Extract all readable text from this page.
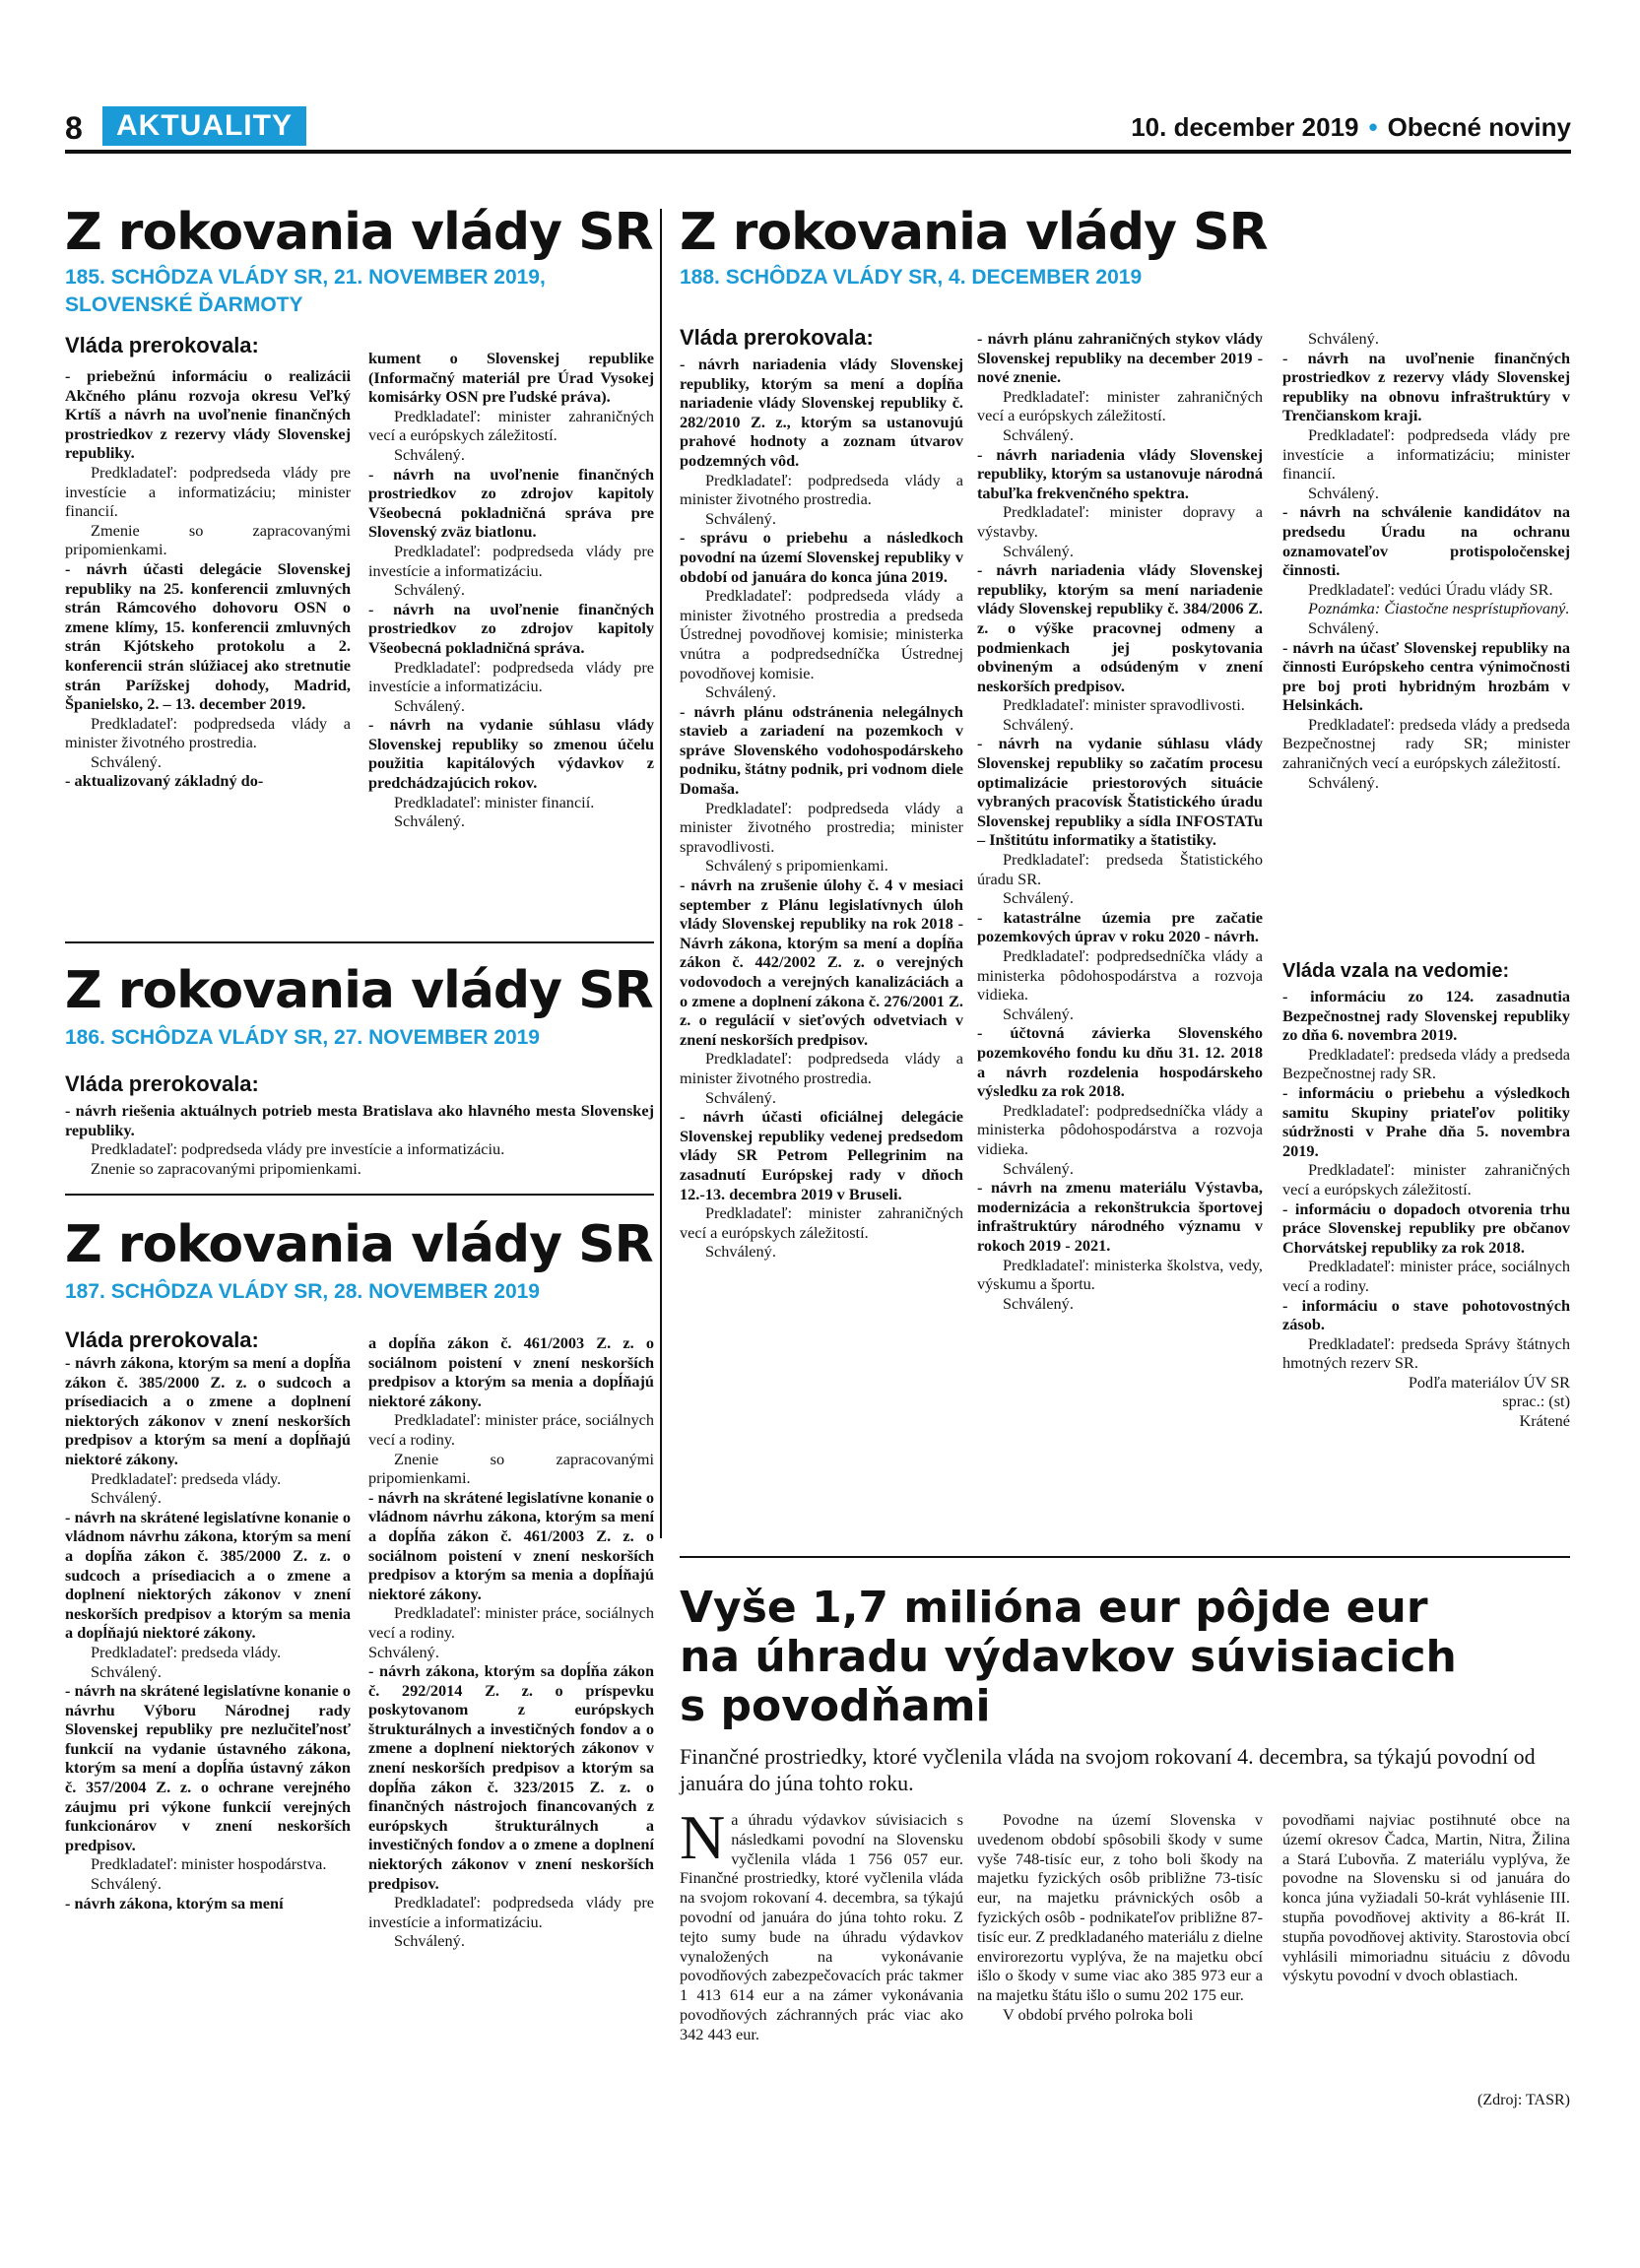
8	AKTUALITY	10. december 2019 • Obecné noviny
Z rokovania vlády SR

185. SCHÔDZA VLÁDY SR, 21. NOVEMBER 2019, SLOVENSKÉ ĎARMOTY

Vláda prerokovala:

- priebežnú informáciu o realizácii Akčného plánu rozvoja okresu Veľký Krtíš a návrh na uvoľnenie finančných prostriedkov z rezervy vlády Slovenskej republiky.

Predkladateľ: podpredseda vlády pre investície a informatizáciu; minister financií.

Zmenie so zapracovanými pripomienkami.

- návrh účasti delegácie Slovenskej republiky na 25. konferencii zmluvných strán Rámcového dohovoru OSN o zmene klímy, 15. konferencii zmluvných strán Kjótskeho protokolu a 2. konferencii strán slúžiacej ako stretnutie strán Parížskej dohody, Madrid, Španielsko, 2. – 13. december 2019.

Predkladateľ: podpredseda vlády a minister životného prostredia.

Schválený.

- aktualizovaný základný do-

kument o Slovenskej republike (Informačný materiál pre Úrad Vysokej komisárky OSN pre ľudské práva).

Predkladateľ: minister zahraničných vecí a európskych záležitostí.

Schválený.

- návrh na uvoľnenie finančných prostriedkov zo zdrojov kapitoly Všeobecná pokladničná správa pre Slovenský zväz biatlonu.

Predkladateľ: podpredseda vlády pre investície a informatizáciu.

Schválený.

- návrh na uvoľnenie finančných prostriedkov zo zdrojov kapitoly Všeobecná pokladničná správa.

Predkladateľ: podpredseda vlády pre investície a informatizáciu.

Schválený.

- návrh na vydanie súhlasu vlády Slovenskej republiky so zmenou účelu použitia kapitálových výdavkov z predchádzajúcich rokov.

Predkladateľ: minister financií.

Schválený.

Z rokovania vlády SR

186. SCHÔDZA VLÁDY SR, 27. NOVEMBER 2019

Vláda prerokovala:

- návrh riešenia aktuálnych potrieb mesta Bratislava ako hlavného mesta Slovenskej republiky.

Predkladateľ: podpredseda vlády pre investície a informatizáciu.

Znenie so zapracovanými pripomienkami.

Z rokovania vlády SR

187. SCHÔDZA VLÁDY SR, 28. NOVEMBER 2019

Vláda prerokovala:

- návrh zákona, ktorým sa mení a dopĺňa zákon č. 385/2000 Z. z. o sudcoch a prísediacich a o zmene a doplnení niektorých zákonov v znení neskorších predpisov a ktorým sa mení a dopĺňajú niektoré zákony.

Predkladateľ: predseda vlády.

Schválený.

- návrh na skrátené legislatívne konanie o vládnom návrhu zákona, ktorým sa mení a dopĺňa zákon č. 385/2000 Z. z. o sudcoch a prísediacich a o zmene a doplnení niektorých zákonov v znení neskorších predpisov a ktorým sa menia a dopĺňajú niektoré zákony.

Predkladateľ: predseda vlády.

Schválený.

- návrh na skrátené legislatívne konanie o návrhu Výboru Národnej rady Slovenskej republiky pre nezlučiteľnosť funkcií na vydanie ústavného zákona, ktorým sa mení a dopĺňa ústavný zákon č. 357/2004 Z. z. o ochrane verejného záujmu pri výkone funkcií verejných funkcionárov v znení neskorších predpisov.

Predkladateľ: minister hospodárstva.

Schválený.

- návrh zákona, ktorým sa mení

a dopĺňa zákon č. 461/2003 Z. z. o sociálnom poistení v znení neskorších predpisov a ktorým sa menia a dopĺňajú niektoré zákony.

Predkladateľ: minister práce, sociálnych vecí a rodiny.

Znenie so zapracovanými pripomienkami.

- návrh na skrátené legislatívne konanie o vládnom návrhu zákona, ktorým sa mení a dopĺňa zákon č. 461/2003 Z. z. o sociálnom poistení v znení neskorších predpisov a ktorým sa menia a dopĺňajú niektoré zákony.

Predkladateľ: minister práce, sociálnych vecí a rodiny.

Schválený.

- návrh zákona, ktorým sa dopĺňa zákon č. 292/2014 Z. z. o príspevku poskytovanom z európskych štrukturálnych a investičných fondov a o zmene a doplnení niektorých zákonov v znení neskorších predpisov a ktorým sa dopĺňa zákon č. 323/2015 Z. z. o finančných nástrojoch financovaných z európskych štrukturálnych a investičných fondov a o zmene a doplnení niektorých zákonov v znení neskorších predpisov.

Predkladateľ: podpredseda vlády pre investície a informatizáciu.

Schválený.

Z rokovania vlády SR

188. SCHÔDZA VLÁDY SR, 4. DECEMBER 2019

Vláda prerokovala:

- návrh nariadenia vlády Slovenskej republiky, ktorým sa mení a dopĺňa nariadenie vlády Slovenskej republiky č. 282/2010 Z. z., ktorým sa ustanovujú prahové hodnoty a zoznam útvarov podzemných vôd.

Predkladateľ: podpredseda vlády a minister životného prostredia.

Schválený.

- správu o priebehu a následkoch povodní na území Slovenskej republiky v období od januára do konca júna 2019.

Predkladateľ: podpredseda vlády a minister životného prostredia a predseda Ústrednej povodňovej komisie; ministerka vnútra a podpredsedníčka Ústrednej povodňovej komisie.

Schválený.

- návrh plánu odstránenia nelegálnych stavieb a zariadení na pozemkoch v správe Slovenského vodohospodárskeho podniku, štátny podnik, pri vodnom diele Domaša.

Predkladateľ: podpredseda vlády a minister životného prostredia; minister spravodlivosti.

Schválený s pripomienkami.

- návrh na zrušenie úlohy č. 4 v mesiaci september z Plánu legislatívnych úloh vlády Slovenskej republiky na rok 2018 - Návrh zákona, ktorým sa mení a dopĺňa zákon č. 442/2002 Z. z. o verejných vodovodoch a verejných kanalizáciách a o zmene a doplnení zákona č. 276/2001 Z. z. o regulácií v sieťových odvetviach v znení neskorších predpisov.

Predkladateľ: podpredseda vlády a minister životného prostredia.

Schválený.

- návrh účasti oficiálnej delegácie Slovenskej republiky vedenej predsedom vlády SR Petrom Pellegrinim na zasadnutí Európskej rady v dňoch 12.-13. decembra 2019 v Bruseli.

Predkladateľ: minister zahraničných vecí a európskych záležitostí.

Schválený.

- návrh plánu zahraničných stykov vlády Slovenskej republiky na december 2019 - nové znenie.

Predkladateľ: minister zahraničných vecí a európskych záležitostí.

Schválený.

- návrh nariadenia vlády Slovenskej republiky, ktorým sa ustanovuje národná tabuľka frekvenčného spektra.

Predkladateľ: minister dopravy a výstavby.

Schválený.

- návrh nariadenia vlády Slovenskej republiky, ktorým sa mení nariadenie vlády Slovenskej republiky č. 384/2006 Z. z. o výške pracovnej odmeny a podmienkach jej poskytovania obvineným a odsúdeným v znení neskorších predpisov.

Predkladateľ: minister spravodlivosti.

Schválený.

- návrh na vydanie súhlasu vlády Slovenskej republiky so začatím procesu optimalizácie priestorových situácie vybraných pracovísk Štatistického úradu Slovenskej republiky a sídla INFOSTATu – Inštitútu informatiky a štatistiky.

Predkladateľ: predseda Štatistického úradu SR.

Schválený.

- katastrálne územia pre začatie pozemkových úprav v roku 2020 - návrh.

Predkladateľ: podpredsedníčka vlády a ministerka pôdohospodárstva a rozvoja vidieka.

Schválený.

- účtovná závierka Slovenského pozemkového fondu ku dňu 31. 12. 2018 a návrh rozdelenia hospodárskeho výsledku za rok 2018.

Predkladateľ: podpredsedníčka vlády a ministerka pôdohospodárstva a rozvoja vidieka.

Schválený.

- návrh na zmenu materiálu Výstavba, modernizácia a rekonštrukcia športovej infraštruktúry národného významu v rokoch 2019 - 2021.

Predkladateľ: ministerka školstva, vedy, výskumu a športu.

Schválený.

Schválený.

- návrh na uvoľnenie finančných prostriedkov z rezervy vlády Slovenskej republiky na obnovu infraštruktúry v Trenčianskom kraji.

Predkladateľ: podpredseda vlády pre investície a informatizáciu; minister financií.

Schválený.

- návrh na schválenie kandidátov na predsedu Úradu na ochranu oznamovateľov protispoločenskej činnosti.

Predkladateľ: vedúci Úradu vlády SR.

Poznámka: Čiastočne nesprístupňovaný.

Schválený.

- návrh na účasť Slovenskej republiky na činnosti Európskeho centra výnimočnosti pre boj proti hybridným hrozbám v Helsinkách.

Predkladateľ: predseda vlády a predseda Bezpečnostnej rady SR; minister zahraničných vecí a európskych záležitostí.

Schválený.

Vláda vzala na vedomie:

- informáciu zo 124. zasadnutia Bezpečnostnej rady Slovenskej republiky zo dňa 6. novembra 2019.

Predkladateľ: predseda vlády a predseda Bezpečnostnej rady SR.

- informáciu o priebehu a výsledkoch samitu Skupiny priateľov politiky súdržnosti v Prahe dňa 5. novembra 2019.

Predkladateľ: minister zahraničných vecí a európskych záležitostí.

- informáciu o dopadoch otvorenia trhu práce Slovenskej republiky pre občanov Chorvátskej republiky za rok 2018.

Predkladateľ: minister práce, sociálnych vecí a rodiny.

- informáciu o stave pohotovostných zásob.

Predkladateľ: predseda Správy štátnych hmotných rezerv SR.

Podľa materiálov ÚV SR

sprac.: (st)

Krátené

Vyše 1,7 milióna eur pôjde eur
na úhradu výdavkov súvisiacich
s povodňami

Finančné prostriedky, ktoré vyčlenila vláda na svojom rokovaní 4. decembra, sa týkajú povodní od januára do júna tohto roku.

Na úhradu výdavkov súvisiacich s následkami povodní na Slovensku vyčlenila vláda 1 756 057 eur. Finančné prostriedky, ktoré vyčlenila vláda na svojom rokovaní 4. decembra, sa týkajú povodní od januára do júna tohto roku. Z tejto sumy bude na úhradu výdavkov vynaložených na vykonávanie povodňových zabezpečovacích prác takmer 1 413 614 eur a na zámer vykonávania povodňových záchranných prác viac ako 342 443 eur.

Povodne na území Slovenska v uvedenom období spôsobili škody v sume vyše 748-tisíc eur, z toho boli škody na majetku fyzických osôb približne 73-tisíc eur, na majetku právnických osôb a fyzických osôb - podnikateľov približne 87-tisíc eur. Z predkladaného materiálu z dielne envirorezortu vyplýva, že na majetku obcí išlo o škody v sume viac ako 385 973 eur a na majetku štátu išlo o sumu 202 175 eur.

V období prvého polroka boli

povodňami najviac postihnuté obce na území okresov Čadca, Martin, Nitra, Žilina a Stará Ľubovňa. Z materiálu vyplýva, že povodne na Slovensku si od januára do konca júna vyžiadali 50-krát vyhlásenie III. stupňa povodňovej aktivity a 86-krát II. stupňa povodňovej aktivity. Starostovia obcí vyhlásili mimoriadnu situáciu z dôvodu výskytu povodní v dvoch oblastiach.

(Zdroj: TASR)
